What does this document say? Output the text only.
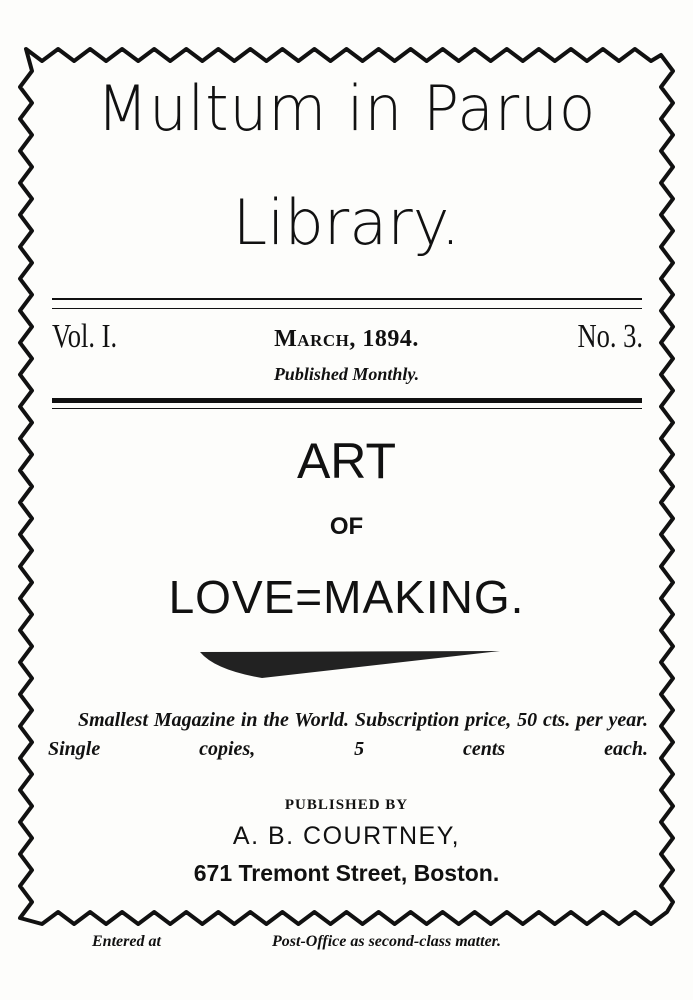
Multum in Paruo
Library.
Vol. I.	March, 1894.	No. 3.
Published Monthly.
ART
OF
LOVE=MAKING.
Smallest Magazine in the World. Subscription price, 50 cts. per year. Single copies, 5 cents each.
PUBLISHED BY
A. B. COURTNEY,
671 Tremont Street, Boston.
Entered at	Post-Office as second-class matter.
